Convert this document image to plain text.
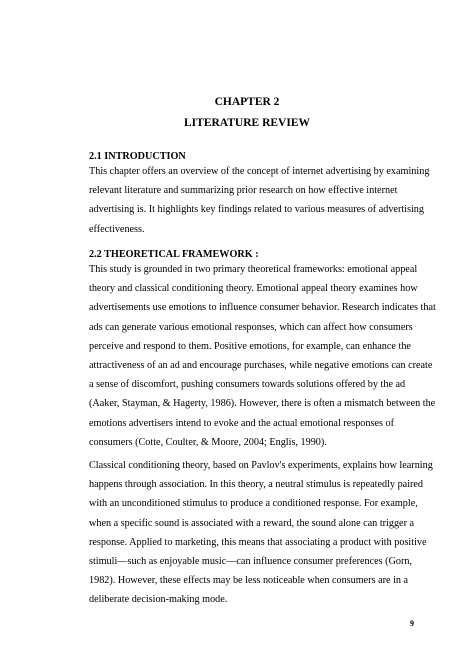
CHAPTER 2
LITERATURE REVIEW
2.1 INTRODUCTION
This chapter offers an overview of the concept of internet advertising by examining
relevant literature and summarizing prior research on how effective internet
advertising is. It highlights key findings related to various measures of advertising
effectiveness.
2.2 THEORETICAL FRAMEWORK :
This study is grounded in two primary theoretical frameworks: emotional appeal
theory and classical conditioning theory. Emotional appeal theory examines how
advertisements use emotions to influence consumer behavior. Research indicates that
ads can generate various emotional responses, which can affect how consumers
perceive and respond to them. Positive emotions, for example, can enhance the
attractiveness of an ad and encourage purchases, while negative emotions can create
a sense of discomfort, pushing consumers towards solutions offered by the ad
(Aaker, Stayman, & Hagerty, 1986). However, there is often a mismatch between the
emotions advertisers intend to evoke and the actual emotional responses of
consumers (Cotte, Coulter, & Moore, 2004; Englis, 1990).
Classical conditioning theory, based on Pavlov's experiments, explains how learning
happens through association. In this theory, a neutral stimulus is repeatedly paired
with an unconditioned stimulus to produce a conditioned response. For example,
when a specific sound is associated with a reward, the sound alone can trigger a
response. Applied to marketing, this means that associating a product with positive
stimuli—such as enjoyable music—can influence consumer preferences (Gorn,
1982). However, these effects may be less noticeable when consumers are in a
deliberate decision-making mode.
9
